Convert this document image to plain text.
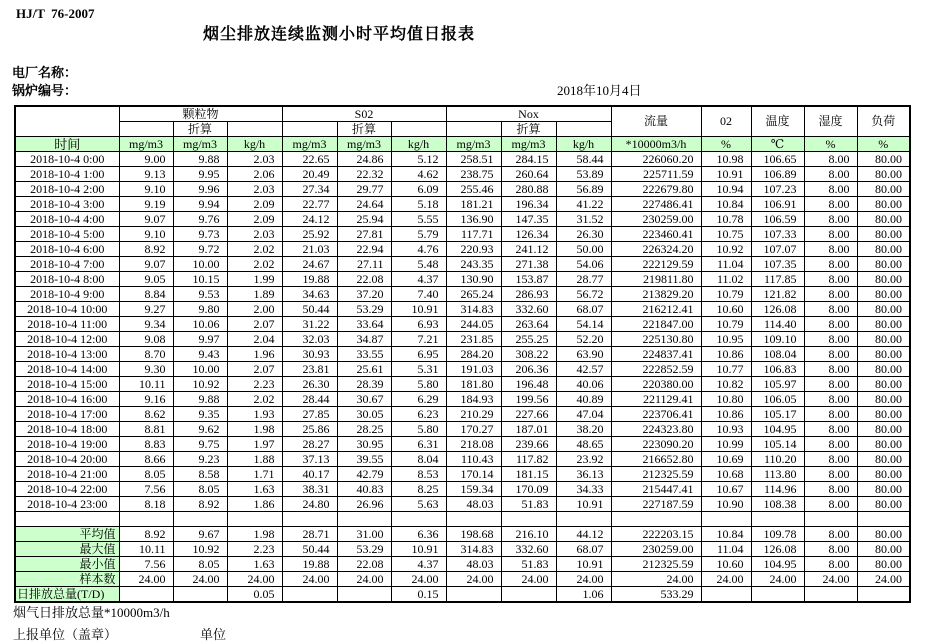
HJ/T  76-2007
烟尘排放连续监测小时平均值日报表
电厂名称：
锅炉编号：	2018年10月4日
	颗粒物			S02			Nox			流量	02	温度	湿度	负荷
		折算			折算			折算						
时间	mg/m3	mg/m3	kg/h	mg/m3	mg/m3	kg/h	mg/m3	mg/m3	kg/h	*10000m3/h	%	℃	%	%
2018-10-4 0:00	9.00	9.88	2.03	22.65	24.86	5.12	258.51	284.15	58.44	226060.20	10.98	106.65	8.00	80.00
2018-10-4 1:00	9.13	9.95	2.06	20.49	22.32	4.62	238.75	260.64	53.89	225711.59	10.91	106.89	8.00	80.00
2018-10-4 2:00	9.10	9.96	2.03	27.34	29.77	6.09	255.46	280.88	56.89	222679.80	10.94	107.23	8.00	80.00
2018-10-4 3:00	9.19	9.94	2.09	22.77	24.64	5.18	181.21	196.34	41.22	227486.41	10.84	106.91	8.00	80.00
2018-10-4 4:00	9.07	9.76	2.09	24.12	25.94	5.55	136.90	147.35	31.52	230259.00	10.78	106.59	8.00	80.00
2018-10-4 5:00	9.10	9.73	2.03	25.92	27.81	5.79	117.71	126.34	26.30	223460.41	10.75	107.33	8.00	80.00
2018-10-4 6:00	8.92	9.72	2.02	21.03	22.94	4.76	220.93	241.12	50.00	226324.20	10.92	107.07	8.00	80.00
2018-10-4 7:00	9.07	10.00	2.02	24.67	27.11	5.48	243.35	271.38	54.06	222129.59	11.04	107.35	8.00	80.00
2018-10-4 8:00	9.05	10.15	1.99	19.88	22.08	4.37	130.90	153.87	28.77	219811.80	11.02	117.85	8.00	80.00
2018-10-4 9:00	8.84	9.53	1.89	34.63	37.20	7.40	265.24	286.93	56.72	213829.20	10.79	121.82	8.00	80.00
2018-10-4 10:00	9.27	9.80	2.00	50.44	53.29	10.91	314.83	332.60	68.07	216212.41	10.60	126.08	8.00	80.00
2018-10-4 11:00	9.34	10.06	2.07	31.22	33.64	6.93	244.05	263.64	54.14	221847.00	10.79	114.40	8.00	80.00
2018-10-4 12:00	9.08	9.97	2.04	32.03	34.87	7.21	231.85	255.25	52.20	225130.80	10.95	109.10	8.00	80.00
2018-10-4 13:00	8.70	9.43	1.96	30.93	33.55	6.95	284.20	308.22	63.90	224837.41	10.86	108.04	8.00	80.00
2018-10-4 14:00	9.30	10.00	2.07	23.81	25.61	5.31	191.03	206.36	42.57	222852.59	10.77	106.83	8.00	80.00
2018-10-4 15:00	10.11	10.92	2.23	26.30	28.39	5.80	181.80	196.48	40.06	220380.00	10.82	105.97	8.00	80.00
2018-10-4 16:00	9.16	9.88	2.02	28.44	30.67	6.29	184.93	199.56	40.89	221129.41	10.80	106.05	8.00	80.00
2018-10-4 17:00	8.62	9.35	1.93	27.85	30.05	6.23	210.29	227.66	47.04	223706.41	10.86	105.17	8.00	80.00
2018-10-4 18:00	8.81	9.62	1.98	25.86	28.25	5.80	170.27	187.01	38.20	224323.80	10.93	104.95	8.00	80.00
2018-10-4 19:00	8.83	9.75	1.97	28.27	30.95	6.31	218.08	239.66	48.65	223090.20	10.99	105.14	8.00	80.00
2018-10-4 20:00	8.66	9.23	1.88	37.13	39.55	8.04	110.43	117.82	23.92	216652.80	10.69	110.20	8.00	80.00
2018-10-4 21:00	8.05	8.58	1.71	40.17	42.79	8.53	170.14	181.15	36.13	212325.59	10.68	113.80	8.00	80.00
2018-10-4 22:00	7.56	8.05	1.63	38.31	40.83	8.25	159.34	170.09	34.33	215447.41	10.67	114.96	8.00	80.00
2018-10-4 23:00	8.18	8.92	1.86	24.80	26.96	5.63	48.03	51.83	10.91	227187.59	10.90	108.38	8.00	80.00

平均值	8.92	9.67	1.98	28.71	31.00	6.36	198.68	216.10	44.12	222203.15	10.84	109.78	8.00	80.00
最大值	10.11	10.92	2.23	50.44	53.29	10.91	314.83	332.60	68.07	230259.00	11.04	126.08	8.00	80.00
最小值	7.56	8.05	1.63	19.88	22.08	4.37	48.03	51.83	10.91	212325.59	10.60	104.95	8.00	80.00
样本数	24.00	24.00	24.00	24.00	24.00	24.00	24.00	24.00	24.00	24.00	24.00	24.00	24.00	24.00
日排放总量(T/D)			0.05			0.15			1.06	533.29				
烟气日排放总量*10000m3/h
上报单位（盖章）	单位
